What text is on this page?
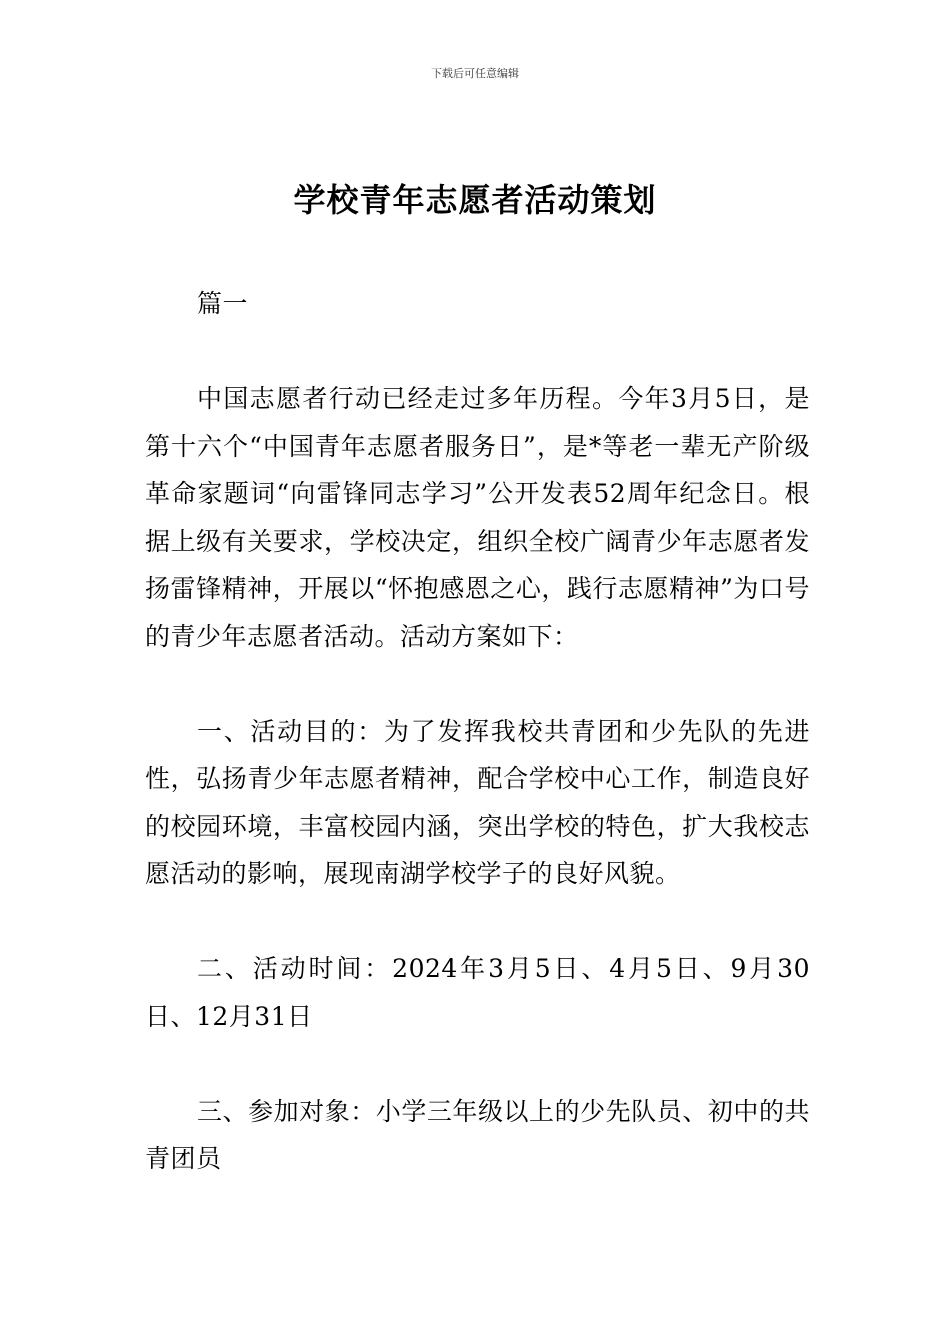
下载后可任意编辑
学校青年志愿者活动策划

篇一

中国志愿者行动已经走过多年历程。今年3月5日，是第十六个“中国青年志愿者服务日”，是*等老一辈无产阶级革命家题词“向雷锋同志学习”公开发表52周年纪念日。根据上级有关要求，学校决定，组织全校广阔青少年志愿者发扬雷锋精神，开展以“怀抱感恩之心，践行志愿精神”为口号的青少年志愿者活动。活动方案如下：

一、活动目的：为了发挥我校共青团和少先队的先进性，弘扬青少年志愿者精神，配合学校中心工作，制造良好的校园环境，丰富校园内涵，突出学校的特色，扩大我校志愿活动的影响，展现南湖学校学子的良好风貌。

二、活动时间：2024年3月5日、4月5日、9月30日、12月31日

三、参加对象：小学三年级以上的少先队员、初中的共青团员
